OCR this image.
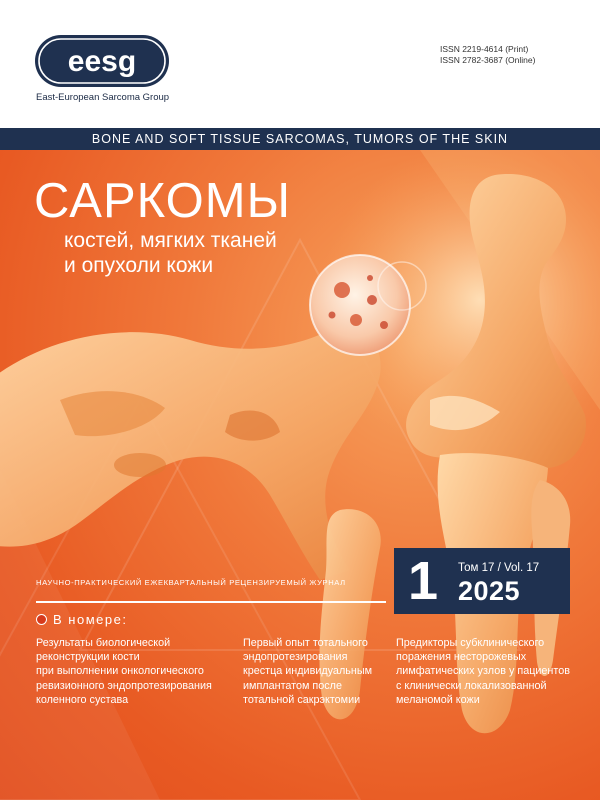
eesg
East-European Sarcoma Group
ISSN 2219-4614 (Print)
ISSN 2782-3687 (Online)
BONE AND SOFT TISSUE SARCOMAS, TUMORS OF THE SKIN
САРКОМЫ
костей, мягких тканей
и опухоли кожи
НАУЧНО-ПРАКТИЧЕСКИЙ ЕЖЕКВАРТАЛЬНЫЙ РЕЦЕНЗИРУЕМЫЙ ЖУРНАЛ 1 Том 17 / Vol. 17
2025
В номере:
Результаты биологической
реконструкции кости
при выполнении онкологического
ревизионного эндопротезирования
коленного сустава
Первый опыт тотального
эндопротезирования
крестца индивидуальным
имплантатом после
тотальной сакрэктомии
Предикторы субклинического
поражения несторожевых
лимфатических узлов у пациентов
с клинически локализованной
меланомой кожи
